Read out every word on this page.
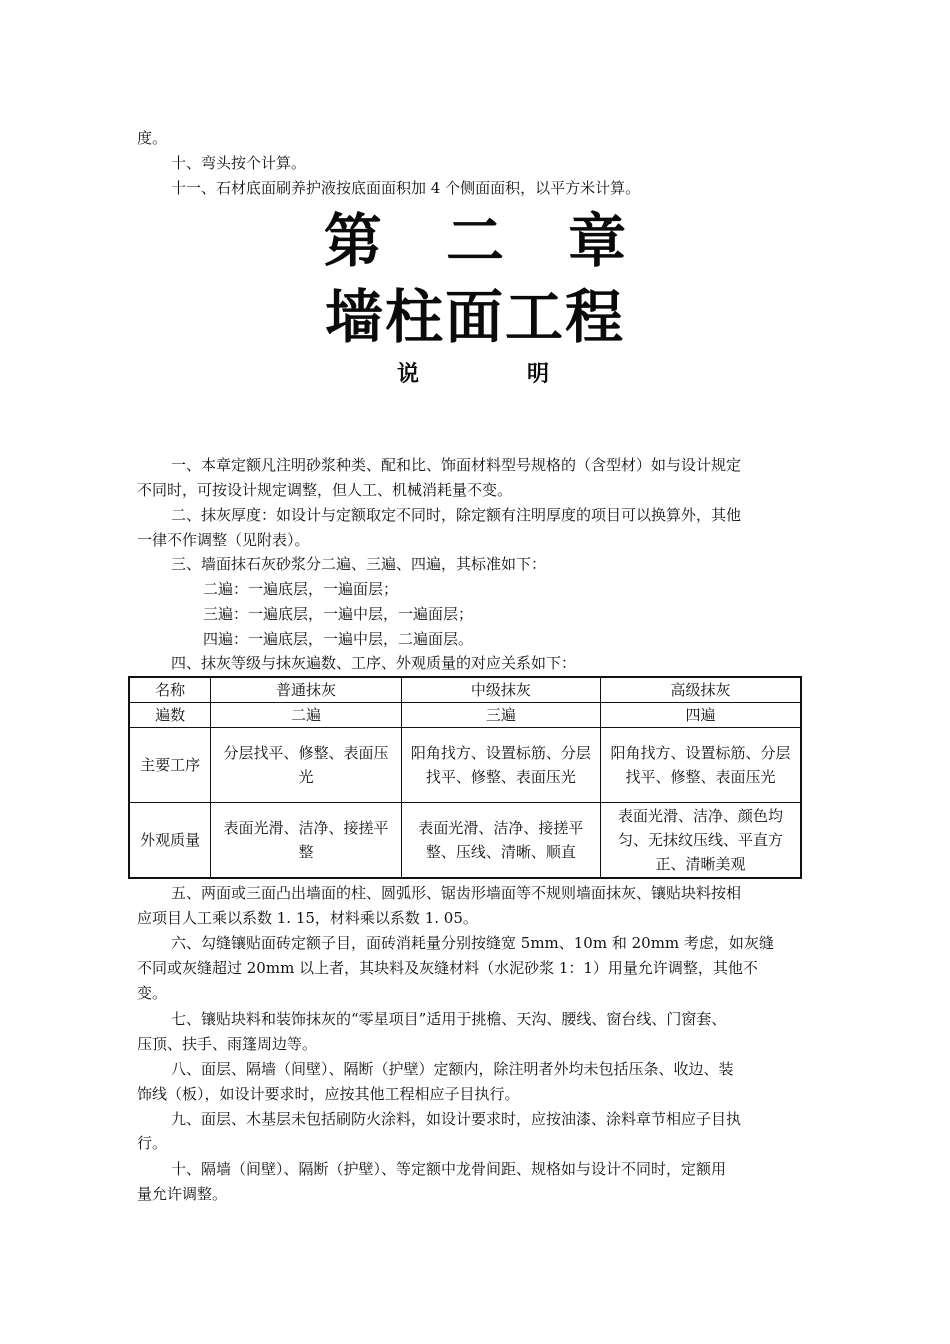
度。
十、弯头按个计算。
十一、石材底面刷养护液按底面面积加 4 个侧面面积，以平方米计算。
第 二 章
墙柱面工程
说	明
一、本章定额凡注明砂浆种类、配和比、饰面材料型号规格的（含型材）如与设计规定
不同时，可按设计规定调整，但人工、机械消耗量不变。
二、抹灰厚度：如设计与定额取定不同时，除定额有注明厚度的项目可以换算外，其他
一律不作调整（见附表）。
三、墙面抹石灰砂浆分二遍、三遍、四遍，其标准如下：
二遍：一遍底层，一遍面层；
三遍：一遍底层，一遍中层，一遍面层；
四遍：一遍底层，一遍中层，二遍面层。
四、抹灰等级与抹灰遍数、工序、外观质量的对应关系如下：
名称	普通抹灰	中级抹灰	高级抹灰
遍数	二遍	三遍	四遍
主要工序	分层找平、修整、表面压光	阳角找方、设置标筋、分层找平、修整、表面压光	阳角找方、设置标筋、分层找平、修整、表面压光
外观质量	表面光滑、洁净、接搓平整	表面光滑、洁净、接搓平整、压线、清晰、顺直	表面光滑、洁净、颜色均匀、无抹纹压线、平直方正、清晰美观
五、两面或三面凸出墙面的柱、圆弧形、锯齿形墙面等不规则墙面抹灰、镶贴块料按相
应项目人工乘以系数 1. 15，材料乘以系数 1. 05。
六、勾缝镶贴面砖定额子目，面砖消耗量分别按缝宽 5mm、10m 和 20mm 考虑，如灰缝
不同或灰缝超过 20mm 以上者，其块料及灰缝材料（水泥砂浆 1：1）用量允许调整，其他不
变。
七、镶贴块料和装饰抹灰的“零星项目”适用于挑檐、天沟、腰线、窗台线、门窗套、
压顶、扶手、雨篷周边等。
八、面层、隔墙（间壁）、隔断（护壁）定额内，除注明者外均未包括压条、收边、装
饰线（板），如设计要求时，应按其他工程相应子目执行。
九、面层、木基层未包括刷防火涂料，如设计要求时，应按油漆、涂料章节相应子目执
行。
十、隔墙（间壁）、隔断（护壁）、等定额中龙骨间距、规格如与设计不同时，定额用
量允许调整。
